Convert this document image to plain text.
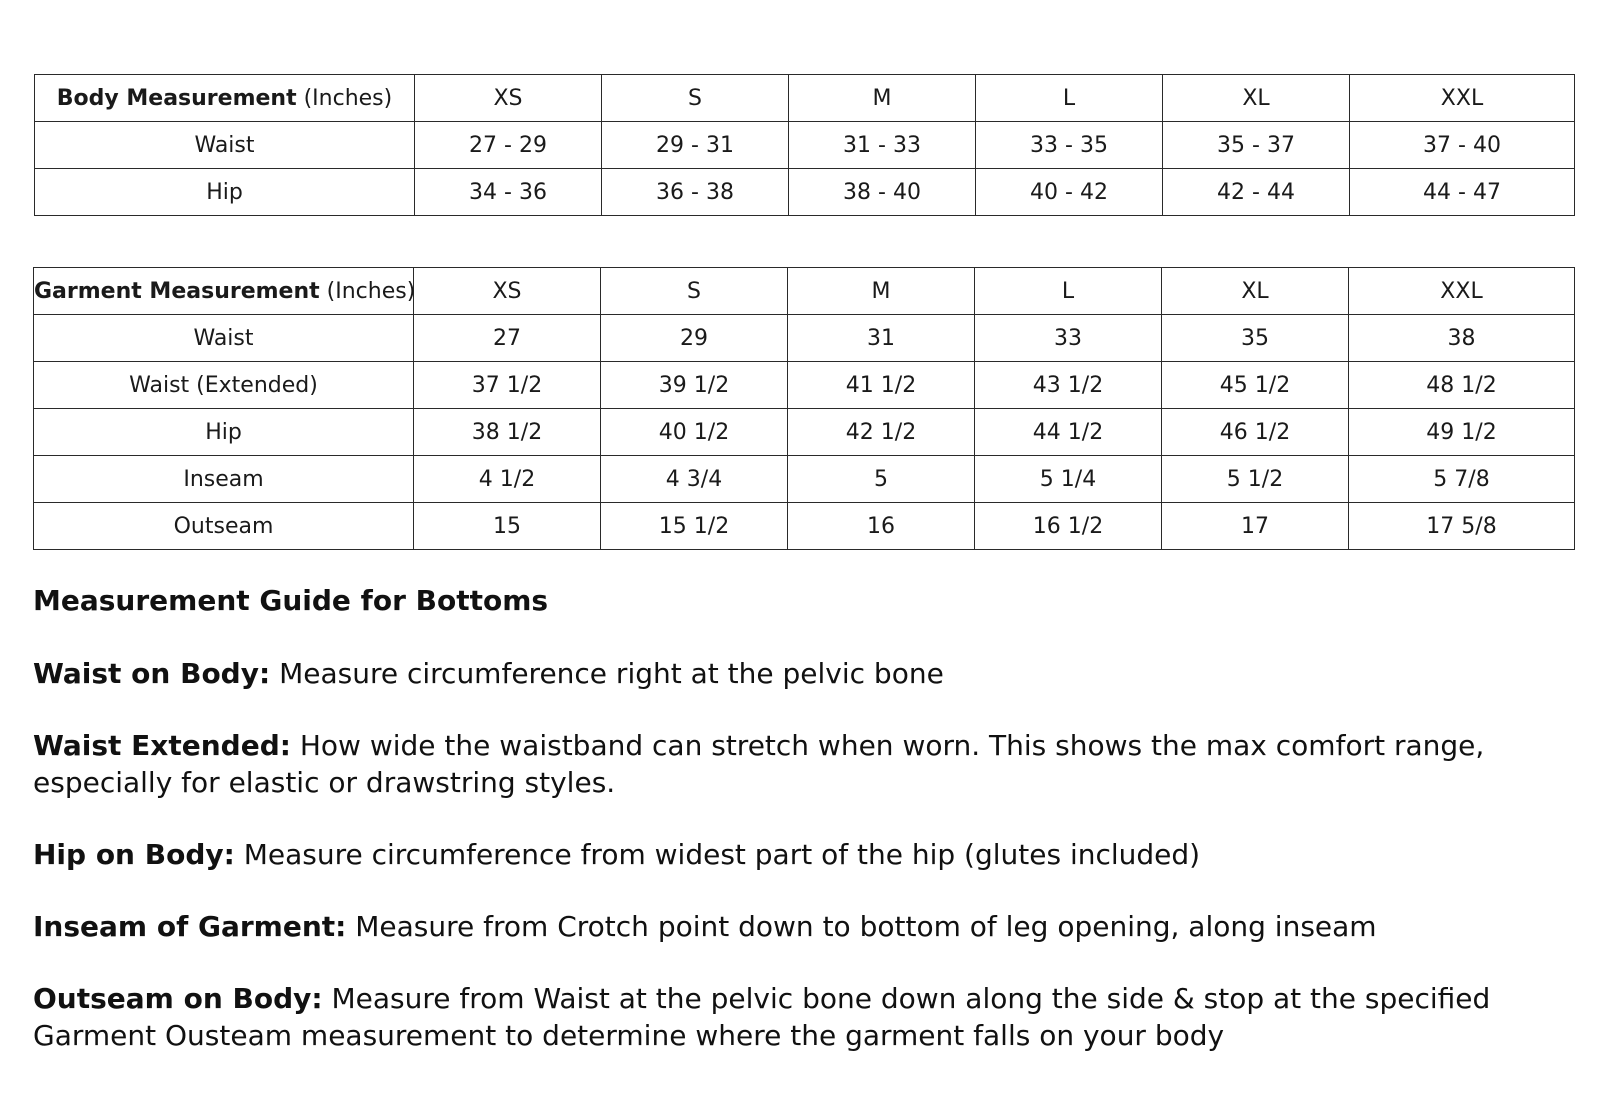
Body Measurement (Inches)	XS	S	M	L	XL	XXL
Waist	27 - 29	29 - 31	31 - 33	33 - 35	35 - 37	37 - 40
Hip	34 - 36	36 - 38	38 - 40	40 - 42	42 - 44	44 - 47
Garment Measurement (Inches)	XS	S	M	L	XL	XXL
Waist	27	29	31	33	35	38
Waist (Extended)	37 1/2	39 1/2	41 1/2	43 1/2	45 1/2	48 1/2
Hip	38 1/2	40 1/2	42 1/2	44 1/2	46 1/2	49 1/2
Inseam	4 1/2	4 3/4	5	5 1/4	5 1/2	5 7/8
Outseam	15	15 1/2	16	16 1/2	17	17 5/8
Measurement Guide for Bottoms

Waist on Body: Measure circumference right at the pelvic bone

Waist Extended: How wide the waistband can stretch when worn. This shows the max comfort range, especially for elastic or drawstring styles.

Hip on Body: Measure circumference from widest part of the hip (glutes included)

Inseam of Garment: Measure from Crotch point down to bottom of leg opening, along inseam

Outseam on Body: Measure from Waist at the pelvic bone down along the side & stop at the specified Garment Ousteam measurement to determine where the garment falls on your body
